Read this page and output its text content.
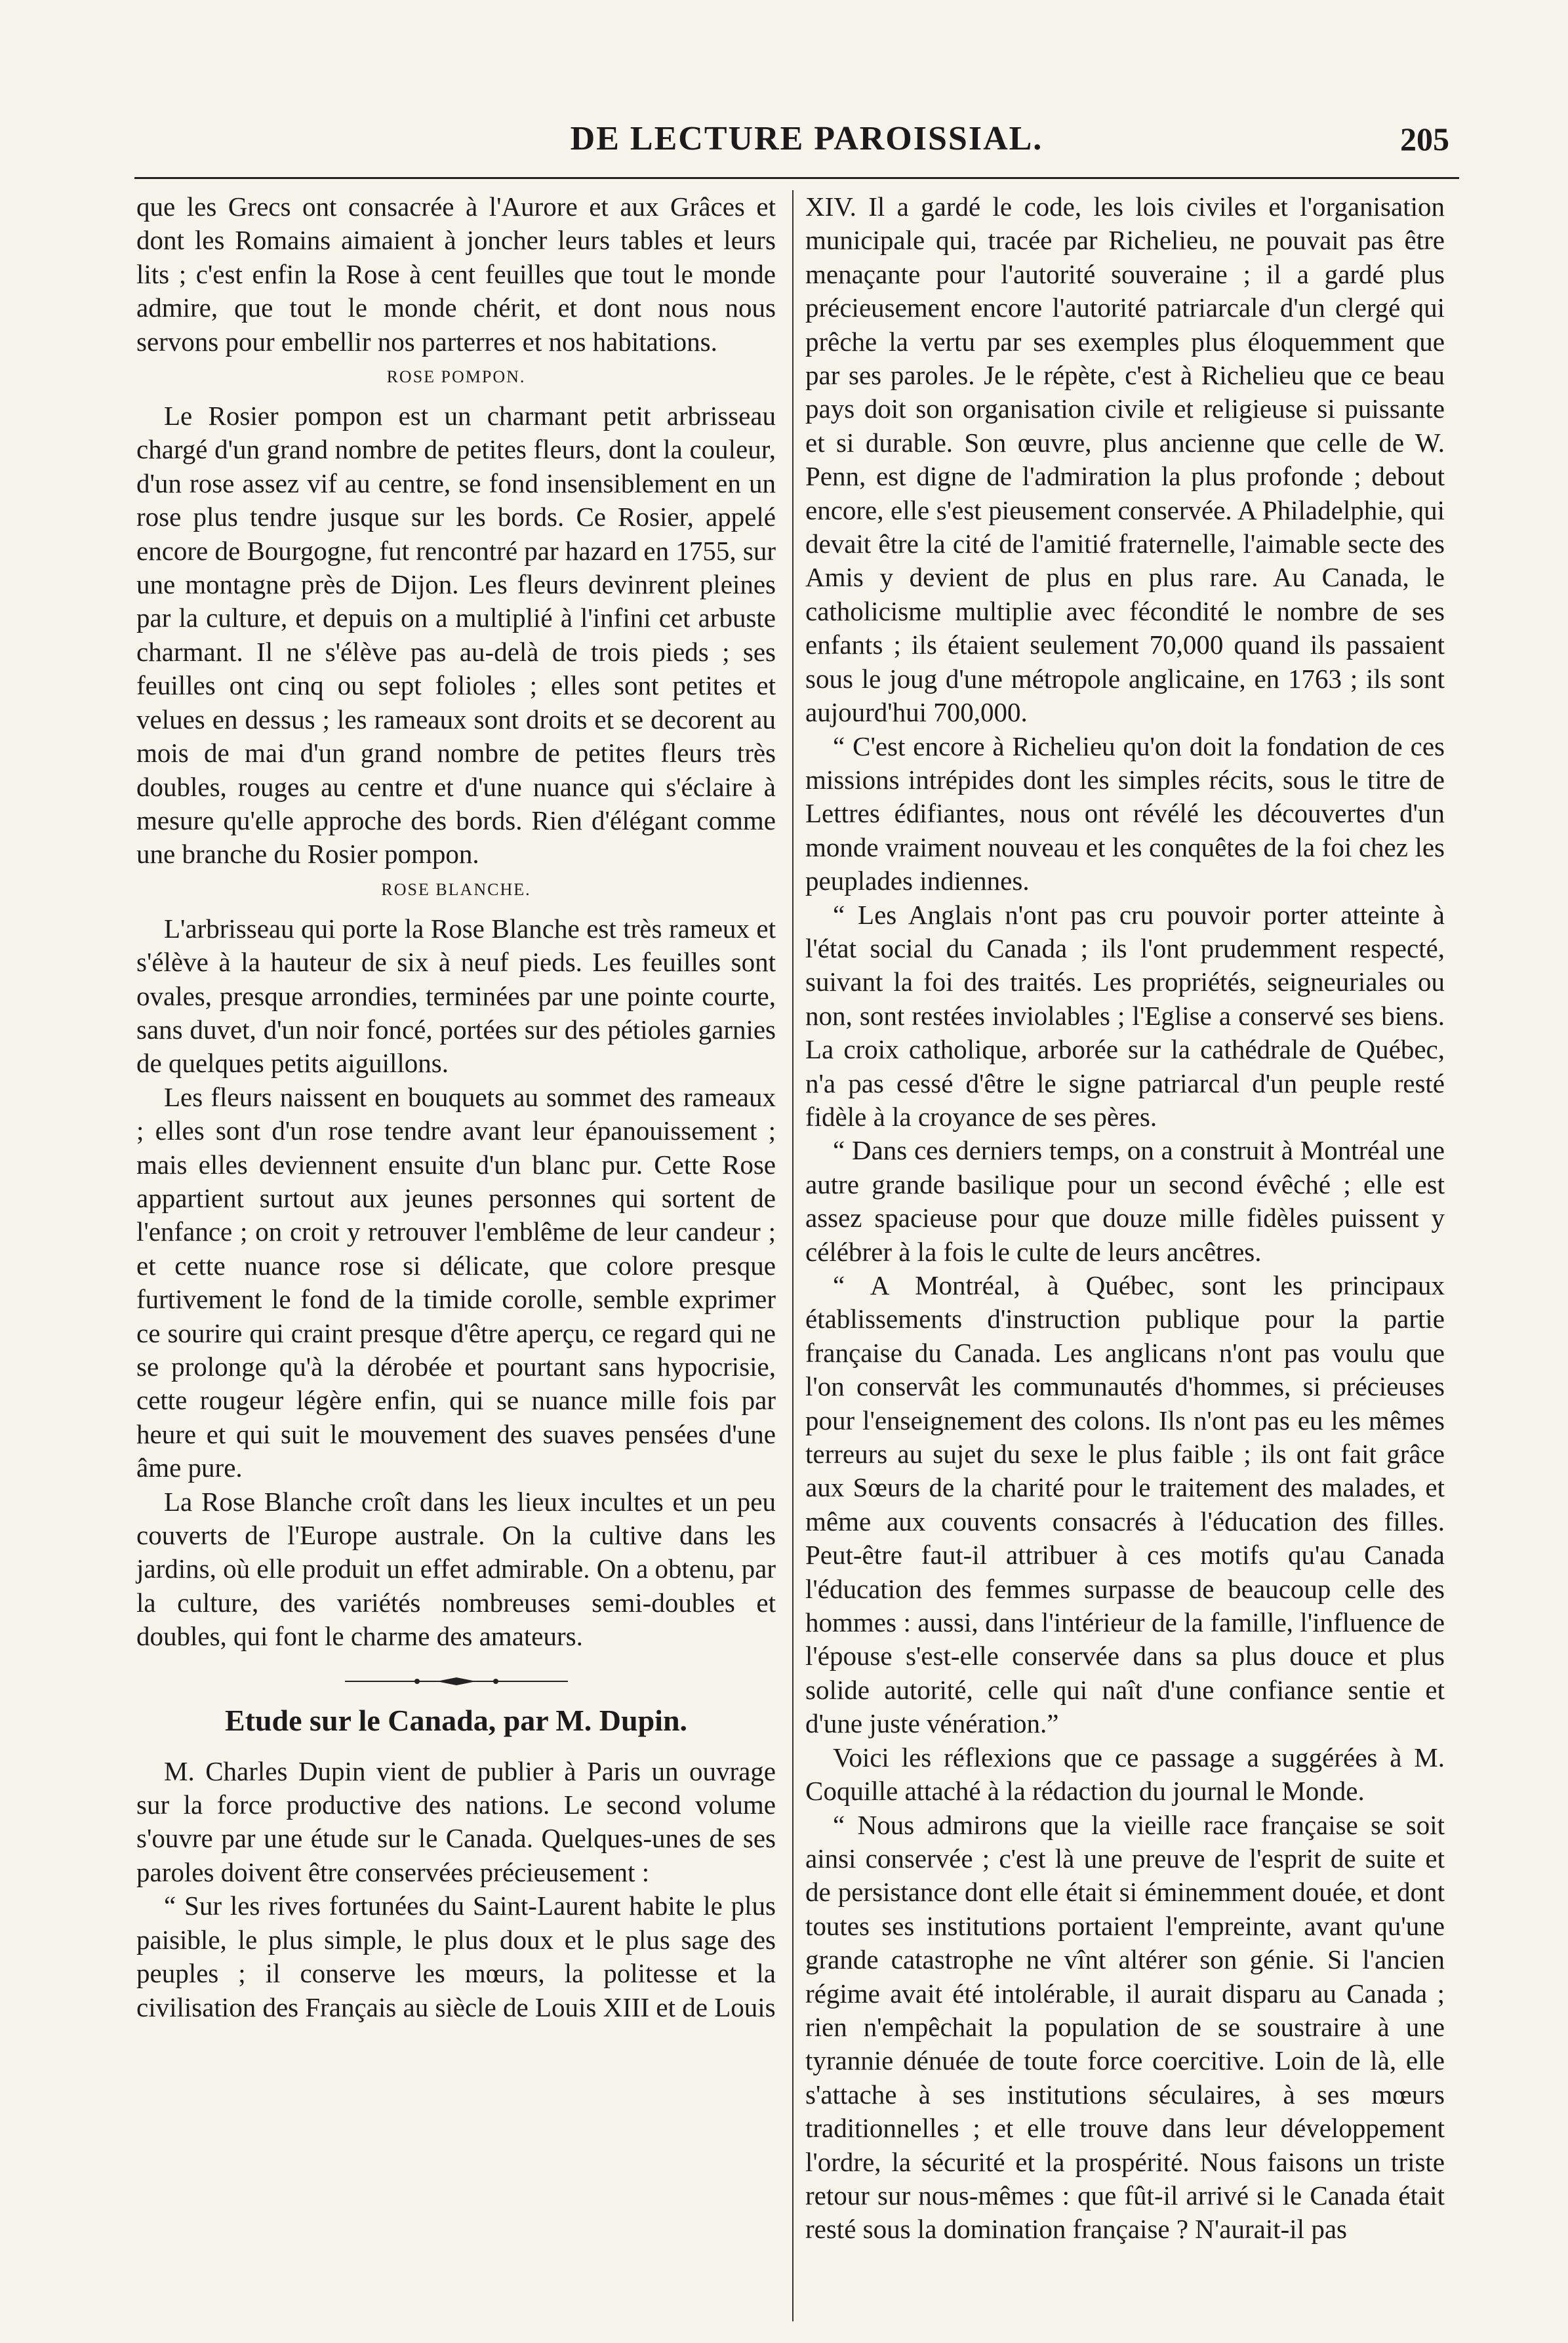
DE LECTURE PAROISSIAL.	205

que les Grecs ont consacrée à l'Aurore et aux Grâces et dont les Romains aimaient à joncher leurs tables et leurs lits ; c'est enfin la Rose à cent feuilles que tout le monde admire, que tout le monde chérit, et dont nous nous servons pour embellir nos parterres et nos habitations.

ROSE POMPON.

Le Rosier pompon est un charmant petit arbrisseau chargé d'un grand nombre de petites fleurs, dont la couleur, d'un rose assez vif au centre, se fond insensiblement en un rose plus tendre jusque sur les bords. Ce Rosier, appelé encore de Bourgogne, fut rencontré par hazard en 1755, sur une montagne près de Dijon. Les fleurs devinrent pleines par la culture, et depuis on a multiplié à l'infini cet arbuste charmant. Il ne s'élève pas au-delà de trois pieds ; ses feuilles ont cinq ou sept folioles ; elles sont petites et velues en dessus ; les rameaux sont droits et se decorent au mois de mai d'un grand nombre de petites fleurs très doubles, rouges au centre et d'une nuance qui s'éclaire à mesure qu'elle approche des bords. Rien d'élégant comme une branche du Rosier pompon.

ROSE BLANCHE.

L'arbrisseau qui porte la Rose Blanche est très rameux et s'élève à la hauteur de six à neuf pieds. Les feuilles sont ovales, presque arrondies, terminées par une pointe courte, sans duvet, d'un noir foncé, portées sur des pétioles garnies de quelques petits aiguillons.

Les fleurs naissent en bouquets au sommet des rameaux ; elles sont d'un rose tendre avant leur épanouissement ; mais elles deviennent ensuite d'un blanc pur. Cette Rose appartient surtout aux jeunes personnes qui sortent de l'enfance ; on croit y retrouver l'emblême de leur candeur ; et cette nuance rose si délicate, que colore presque furtivement le fond de la timide corolle, semble exprimer ce sourire qui craint presque d'être aperçu, ce regard qui ne se prolonge qu'à la dérobée et pourtant sans hypocrisie, cette rougeur légère enfin, qui se nuance mille fois par heure et qui suit le mouvement des suaves pensées d'une âme pure.

La Rose Blanche croît dans les lieux incultes et un peu couverts de l'Europe australe. On la cultive dans les jardins, où elle produit un effet admirable. On a obtenu, par la culture, des variétés nombreuses semi-doubles et doubles, qui font le charme des amateurs.

Etude sur le Canada, par M. Dupin.

M. Charles Dupin vient de publier à Paris un ouvrage sur la force productive des nations. Le second volume s'ouvre par une étude sur le Canada. Quelques-unes de ses paroles doivent être conservées précieusement :

“ Sur les rives fortunées du Saint-Laurent habite le plus paisible, le plus simple, le plus doux et le plus sage des peuples ; il conserve les mœurs, la politesse et la civilisation des Français au siècle de Louis XIII et de Louis

XIV. Il a gardé le code, les lois civiles et l'organisation municipale qui, tracée par Richelieu, ne pouvait pas être menaçante pour l'autorité souveraine ; il a gardé plus précieusement encore l'autorité patriarcale d'un clergé qui prêche la vertu par ses exemples plus éloquemment que par ses paroles. Je le répète, c'est à Richelieu que ce beau pays doit son organisation civile et religieuse si puissante et si durable. Son œuvre, plus ancienne que celle de W. Penn, est digne de l'admiration la plus profonde ; debout encore, elle s'est pieusement conservée. A Philadelphie, qui devait être la cité de l'amitié fraternelle, l'aimable secte des Amis y devient de plus en plus rare. Au Canada, le catholicisme multiplie avec fécondité le nombre de ses enfants ; ils étaient seulement 70,000 quand ils passaient sous le joug d'une métropole anglicaine, en 1763 ; ils sont aujourd'hui 700,000.

“ C'est encore à Richelieu qu'on doit la fondation de ces missions intrépides dont les simples récits, sous le titre de Lettres édifiantes, nous ont révélé les découvertes d'un monde vraiment nouveau et les conquêtes de la foi chez les peuplades indiennes.

“ Les Anglais n'ont pas cru pouvoir porter atteinte à l'état social du Canada ; ils l'ont prudemment respecté, suivant la foi des traités. Les propriétés, seigneuriales ou non, sont restées inviolables ; l'Eglise a conservé ses biens. La croix catholique, arborée sur la cathédrale de Québec, n'a pas cessé d'être le signe patriarcal d'un peuple resté fidèle à la croyance de ses pères.

“ Dans ces derniers temps, on a construit à Montréal une autre grande basilique pour un second évêché ; elle est assez spacieuse pour que douze mille fidèles puissent y célébrer à la fois le culte de leurs ancêtres.

“ A Montréal, à Québec, sont les principaux établissements d'instruction publique pour la partie française du Canada. Les anglicans n'ont pas voulu que l'on conservât les communautés d'hommes, si précieuses pour l'enseignement des colons. Ils n'ont pas eu les mêmes terreurs au sujet du sexe le plus faible ; ils ont fait grâce aux Sœurs de la charité pour le traitement des malades, et même aux couvents consacrés à l'éducation des filles. Peut-être faut-il attribuer à ces motifs qu'au Canada l'éducation des femmes surpasse de beaucoup celle des hommes : aussi, dans l'intérieur de la famille, l'influence de l'épouse s'est-elle conservée dans sa plus douce et plus solide autorité, celle qui naît d'une confiance sentie et d'une juste vénération.”

Voici les réflexions que ce passage a suggérées à M. Coquille attaché à la rédaction du journal le Monde.

“ Nous admirons que la vieille race française se soit ainsi conservée ; c'est là une preuve de l'esprit de suite et de persistance dont elle était si éminemment douée, et dont toutes ses institutions portaient l'empreinte, avant qu'une grande catastrophe ne vînt altérer son génie. Si l'ancien régime avait été intolérable, il aurait disparu au Canada ; rien n'empêchait la population de se soustraire à une tyrannie dénuée de toute force coercitive. Loin de là, elle s'attache à ses institutions séculaires, à ses mœurs traditionnelles ; et elle trouve dans leur développement l'ordre, la sécurité et la prospérité. Nous faisons un triste retour sur nous-mêmes : que fût-il arrivé si le Canada était resté sous la domination française ? N'aurait-il pas
